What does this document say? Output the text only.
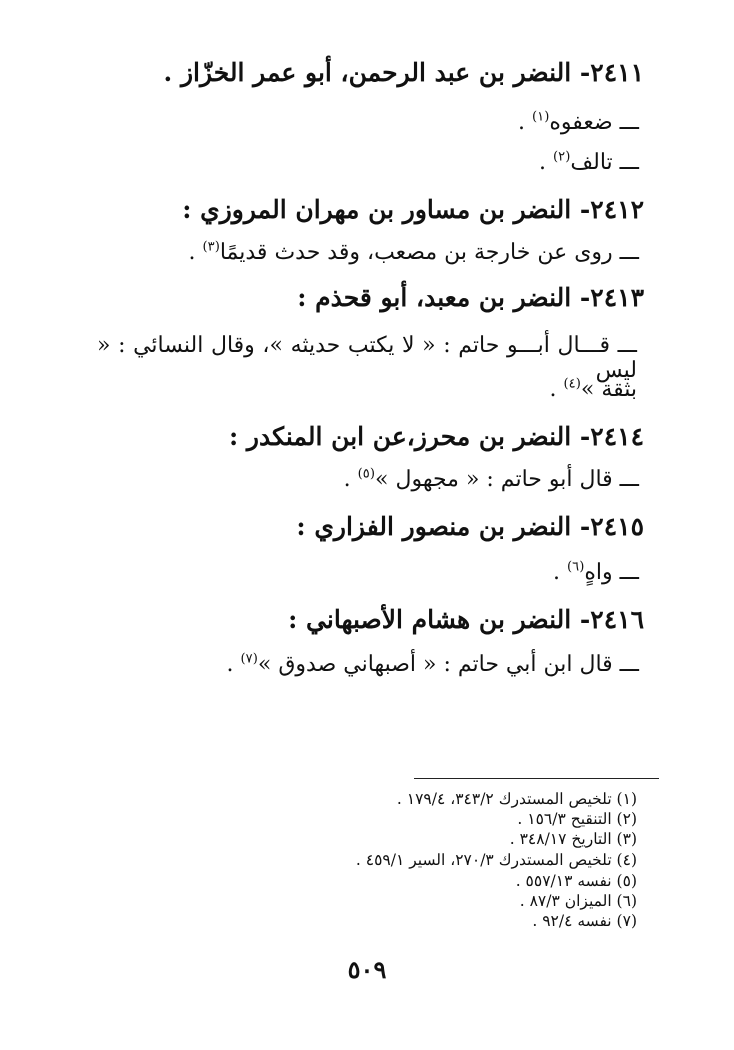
٢٤١١- النضر بن عبد الرحمن، أبو عمر الخزّاز .
ـــ ضعفوه$^{(١)}$ .
ـــ تالف$^{(٢)}$ .
٢٤١٢- النضر بن مساور بن مهران المروزي :
ـــ روى عن خارجة بن مصعب، وقد حدث قديمًا$^{(٣)}$ .
٢٤١٣- النضر بن معبد، أبو قحذم :
ـــ قـــال أبـــو حاتم : « لا يكتب حديثه »، وقال النسائي : « ليس
بثقة »$^{(٤)}$ .
٢٤١٤- النضر بن محرز،عن ابن المنكدر :
ـــ قال أبو حاتم : « مجهول »$^{(٥)}$ .
٢٤١٥- النضر بن منصور الفزاري :
ـــ واهٍ$^{(٦)}$ .
٢٤١٦- النضر بن هشام الأصبهاني :
ـــ قال ابن أبي حاتم : « أصبهاني صدوق »$^{(٧)}$ .
(١) تلخيص المستدرك ٣٤٣/٢، ١٧٩/٤ .
(٢) التنقيح ١٥٦/٣ .
(٣) التاريخ ٣٤٨/١٧ .
(٤) تلخيص المستدرك ٢٧٠/٣، السير ٤٥٩/١ .
(٥) نفسه ٥٥٧/١٣ .
(٦) الميزان ٨٧/٣ .
(٧) نفسه ٩٢/٤ .
٥٠٩
